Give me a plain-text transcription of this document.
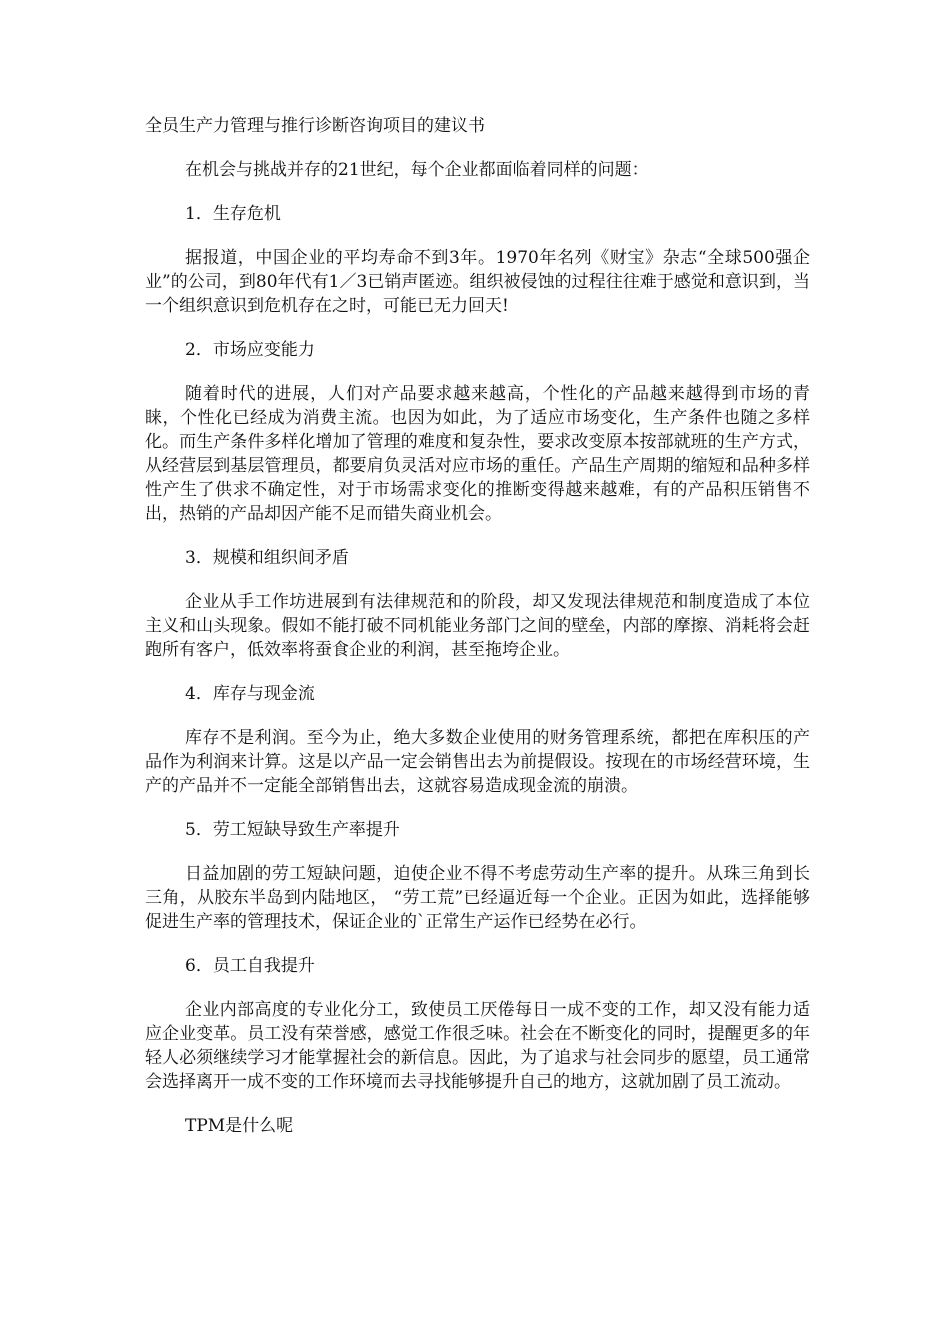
全员生产力管理与推行诊断咨询项目的建议书

在机会与挑战并存的21世纪，每个企业都面临着同样的问题：

1．生存危机

据报道，中国企业的平均寿命不到3年。1970年名列《财宝》杂志“全球500强企业”的公司，到80年代有1／3已销声匿迹。组织被侵蚀的过程往往难于感觉和意识到，当一个组织意识到危机存在之时，可能已无力回天!

2．市场应变能力

随着时代的进展，人们对产品要求越来越高，个性化的产品越来越得到市场的青睐，个性化已经成为消费主流。也因为如此，为了适应市场变化，生产条件也随之多样化。而生产条件多样化增加了管理的难度和复杂性，要求改变原本按部就班的生产方式，从经营层到基层管理员，都要肩负灵活对应市场的重任。产品生产周期的缩短和品种多样性产生了供求不确定性，对于市场需求变化的推断变得越来越难，有的产品积压销售不出，热销的产品却因产能不足而错失商业机会。

3．规模和组织间矛盾

企业从手工作坊进展到有法律规范和的阶段，却又发现法律规范和制度造成了本位主义和山头现象。假如不能打破不同机能业务部门之间的壁垒，内部的摩擦、消耗将会赶跑所有客户，低效率将蚕食企业的利润，甚至拖垮企业。

4．库存与现金流

库存不是利润。至今为止，绝大多数企业使用的财务管理系统，都把在库积压的产品作为利润来计算。这是以产品一定会销售出去为前提假设。按现在的市场经营环境，生产的产品并不一定能全部销售出去，这就容易造成现金流的崩溃。

5．劳工短缺导致生产率提升

日益加剧的劳工短缺问题，迫使企业不得不考虑劳动生产率的提升。从珠三角到长三角，从胶东半岛到内陆地区， “劳工荒”已经逼近每一个企业。正因为如此，选择能够促进生产率的管理技术，保证企业的`正常生产运作已经势在必行。

6．员工自我提升

企业内部高度的专业化分工，致使员工厌倦每日一成不变的工作，却又没有能力适应企业变革。员工没有荣誉感，感觉工作很乏味。社会在不断变化的同时，提醒更多的年轻人必须继续学习才能掌握社会的新信息。因此，为了追求与社会同步的愿望，员工通常会选择离开一成不变的工作环境而去寻找能够提升自己的地方，这就加剧了员工流动。

TPM是什么呢
